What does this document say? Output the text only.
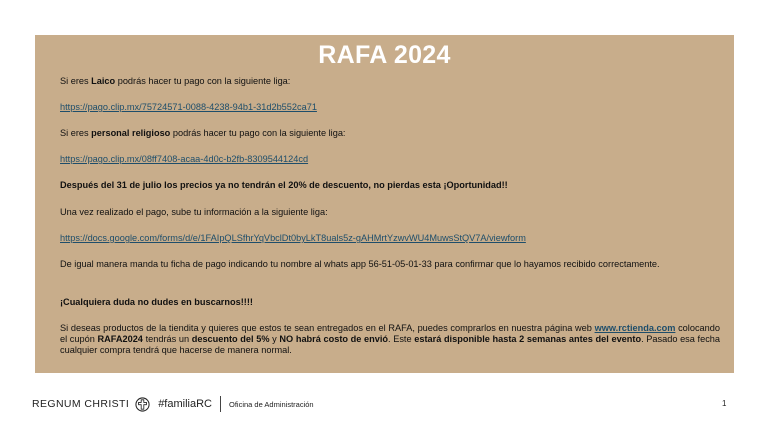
RAFA 2024
Si eres Laico podrás hacer tu pago con la siguiente liga:
https://pago.clip.mx/75724571-0088-4238-94b1-31d2b552ca71
Si eres personal religioso podrás hacer tu pago con la siguiente liga:
https://pago.clip.mx/08ff7408-acaa-4d0c-b2fb-8309544124cd
Después del 31 de julio los precios ya no tendrán el 20% de descuento, no pierdas esta ¡Oportunidad!!
Una vez realizado el pago, sube tu información a la siguiente liga:
https://docs.google.com/forms/d/e/1FAIpQLSfhrYqVbclDt0byLkT8uals5z-gAHMrtYzwvWU4MuwsStQV7A/viewform
De igual manera manda tu ficha de pago indicando tu nombre al whats app 56-51-05-01-33 para confirmar que lo hayamos recibido correctamente.
¡Cualquiera duda no dudes en buscarnos!!!!
Si deseas productos de la tiendita y quieres que estos te sean entregados en el RAFA, puedes comprarlos en nuestra página web www.rctienda.com colocando el cupón RAFA2024 tendrás un descuento del 5% y NO habrá costo de envió. Este estará disponible hasta 2 semanas antes del evento. Pasado esa fecha cualquier compra tendrá que hacerse de manera normal.
REGNUM CHRISTI	#familiaRC Oficina de Administración	1
